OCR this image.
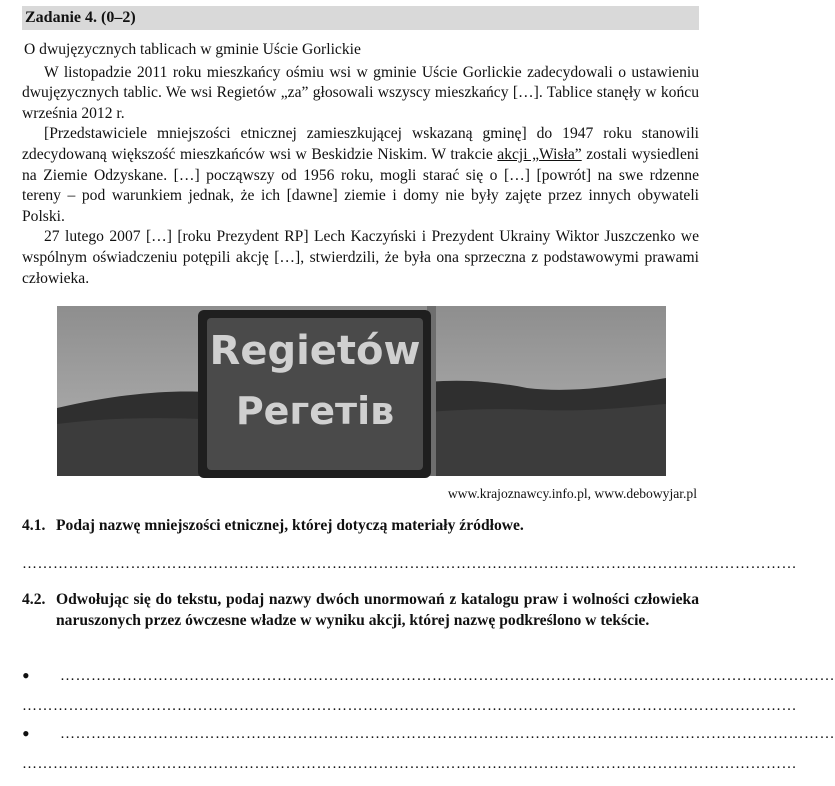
Zadanie 4. (0–2)
O dwujęzycznych tablicach w gminie Uście Gorlickie

W listopadzie 2011 roku mieszkańcy ośmiu wsi w gminie Uście Gorlickie zadecydowali o ustawieniu dwujęzycznych tablic. We wsi Regietów „za” głosowali wszyscy mieszkańcy […]. Tablice stanęły w końcu września 2012 r.

[Przedstawiciele mniejszości etnicznej zamieszkującej wskazaną gminę] do 1947 roku stanowili zdecydowaną większość mieszkańców wsi w Beskidzie Niskim. W trakcie akcji „Wisła” zostali wysiedleni na Ziemie Odzyskane. […] począwszy od 1956 roku, mogli starać się o […] [powrót] na swe rdzenne tereny – pod warunkiem jednak, że ich [dawne] ziemie i domy nie były zajęte przez innych obywateli Polski.

27 lutego 2007 […] [roku Prezydent RP] Lech Kaczyński i Prezydent Ukrainy Wiktor Juszczenko we wspólnym oświadczeniu potępili akcję […], stwierdzili, że była ona sprzeczna z podstawowymi prawami człowieka.

Regietów
Регетів
www.krajoznawcy.info.pl, www.debowyjar.pl
4.1. Podaj nazwę mniejszości etnicznej, której dotyczą materiały źródłowe.
……………………………………………………………………………………………………………………………………
4.2. Odwołując się do tekstu, podaj nazwy dwóch unormowań z katalogu praw i wolności człowieka naruszonych przez ówczesne władze w wyniku akcji, której nazwę podkreślono w tekście.
• ……………………………………………………………………………………………………………………………………
……………………………………………………………………………………………………………………………………
• ……………………………………………………………………………………………………………………………………
……………………………………………………………………………………………………………………………………
